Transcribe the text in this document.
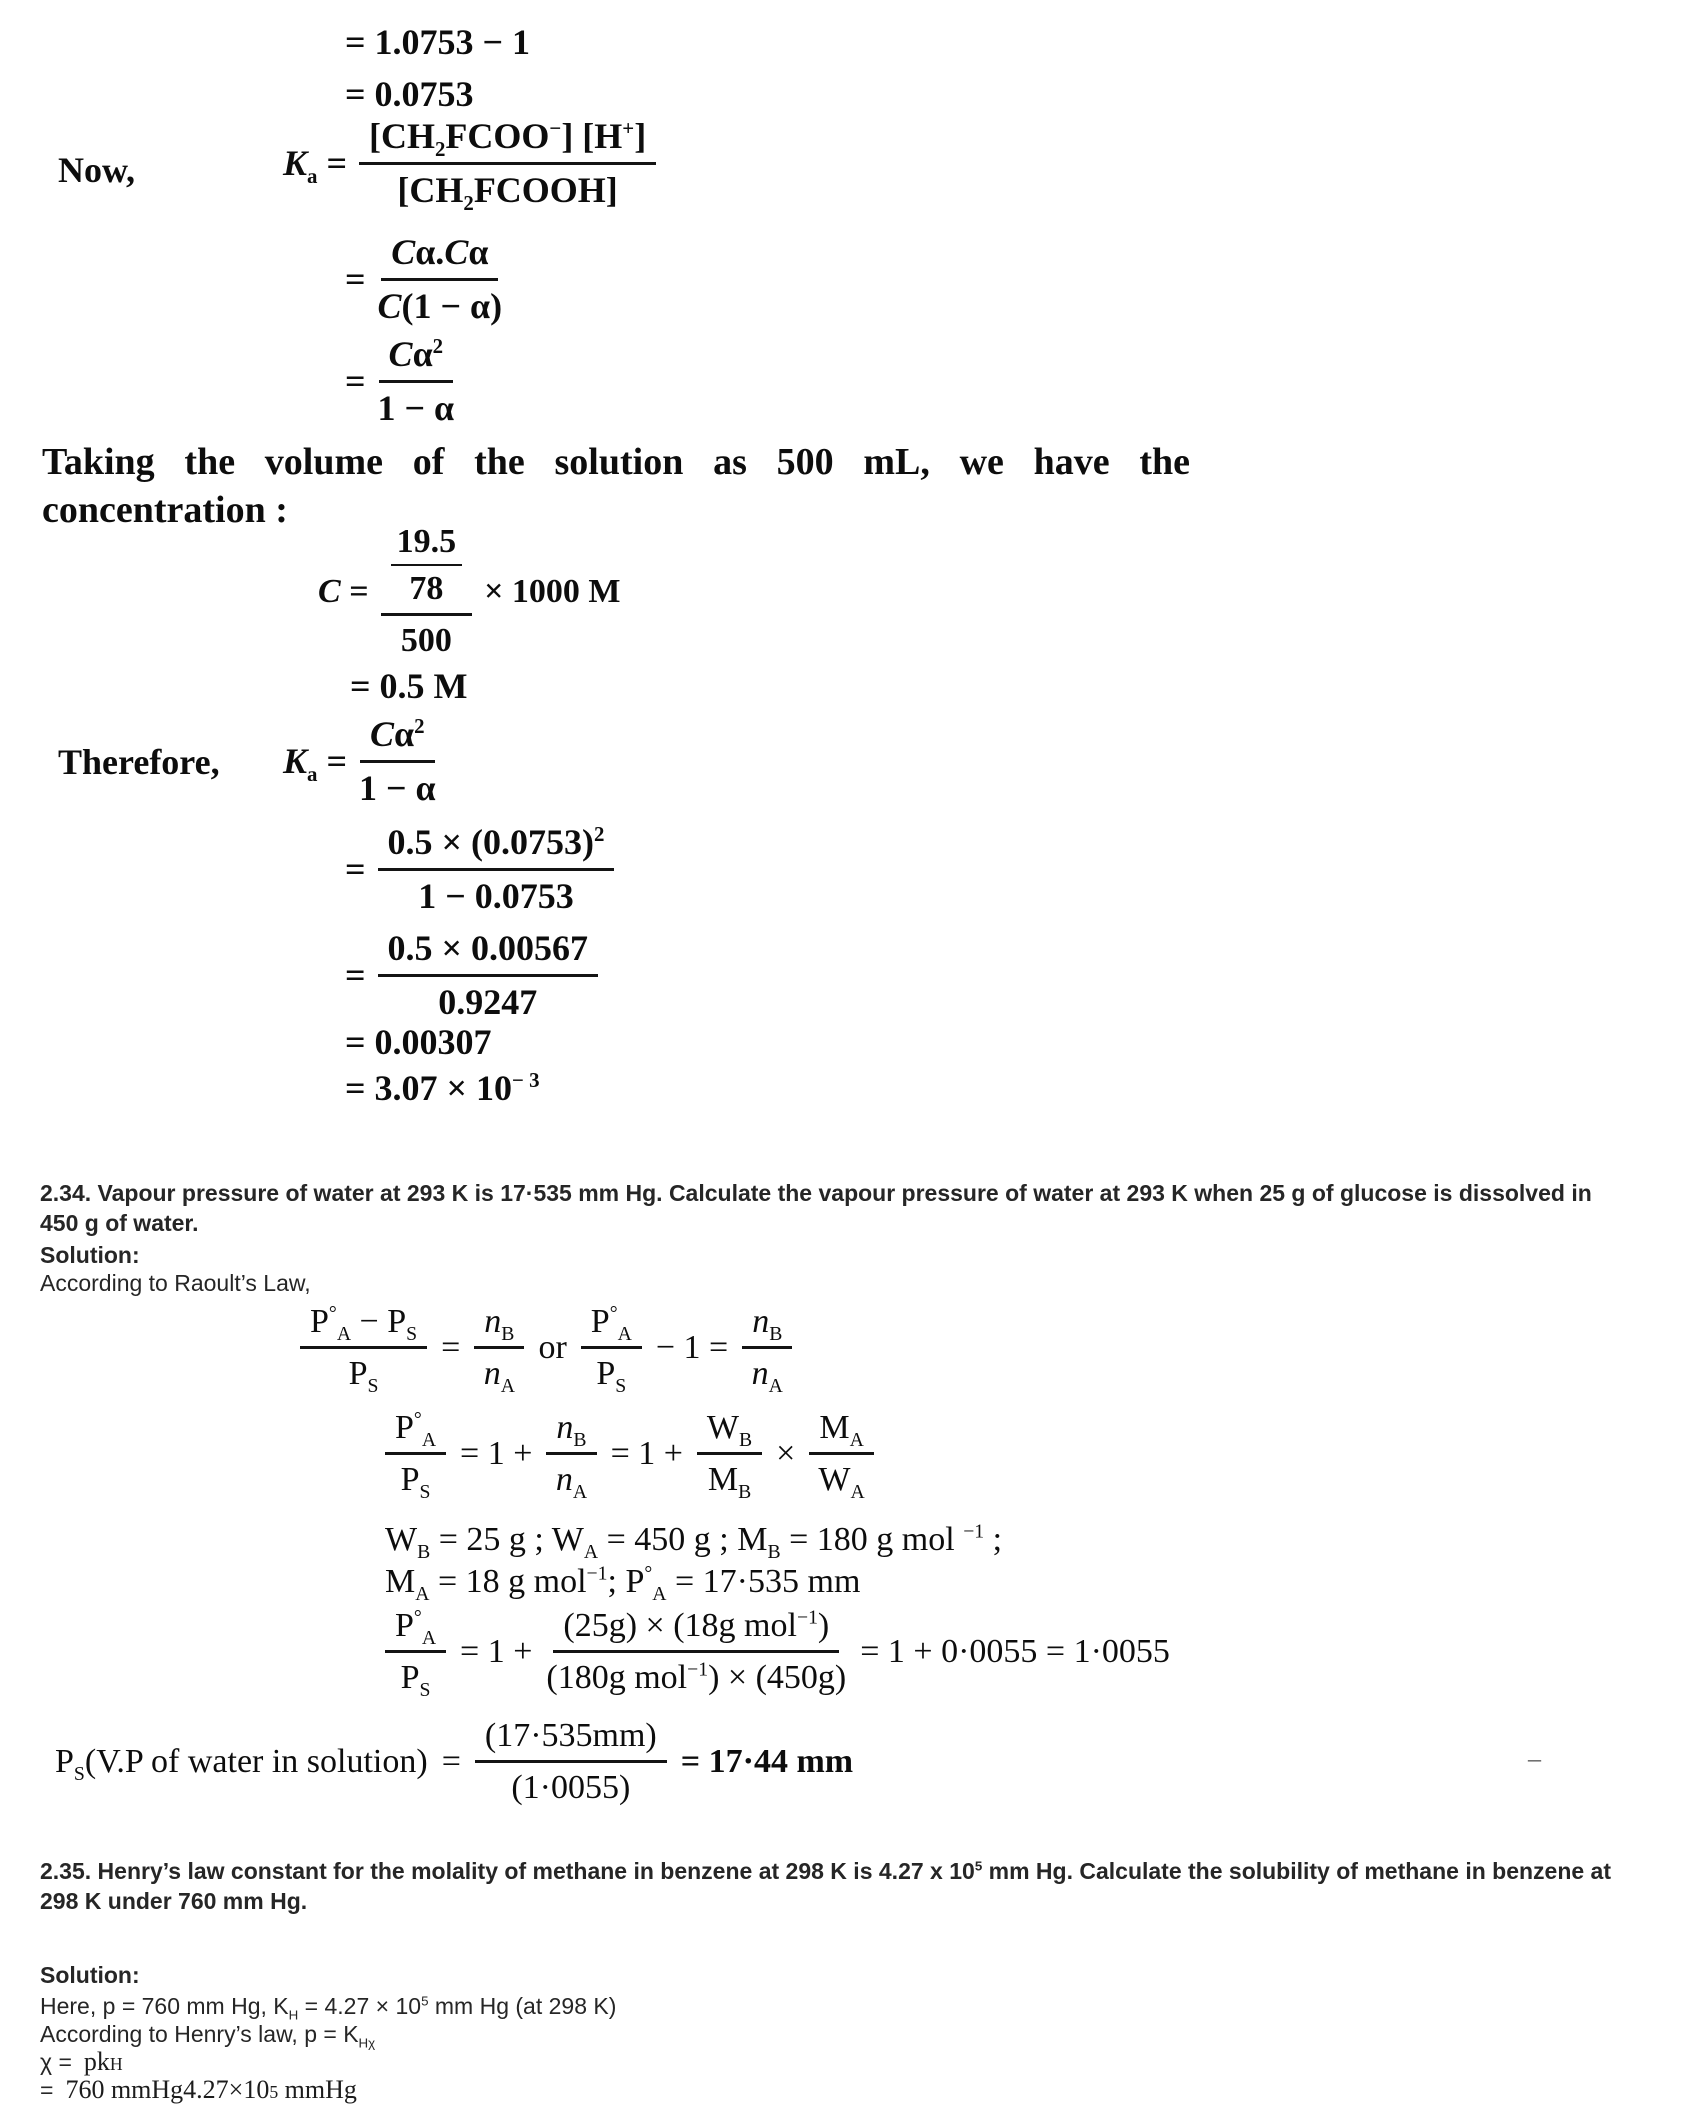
= 1.0753 − 1
= 0.0753
Now,	$K_a = \frac{[CH_2FCOO^-] [H^+]}{[CH_2FCOOH]}$
= $\frac{C\alpha.C\alpha}{C(1 - \alpha)}$
= $\frac{C\alpha^2}{1 - \alpha}$
Taking the volume of the solution as 500 mL, we have the
concentration :
$C = \frac{\frac{19.5}{78}}{500} \times 1000$ M
= 0.5 M
Therefore, $K_a = \frac{C\alpha^2}{1 - \alpha}$
= $\frac{0.5 \times (0.0753)^2}{1 - 0.0753}$
= $\frac{0.5 \times 0.00567}{0.9247}$
= 0.00307
= $3.07 \times 10^{- 3}$
2.34. Vapour pressure of water at 293 K is 17·535 mm Hg. Calculate the vapour pressure of water at 293 K when 25 g of glucose is dissolved in 450 g of water.
Solution:
According to Raoult’s Law,
$\frac{P^\circ_A - P_S}{P_S} = \frac{n_B}{n_A}$ or $\frac{P^\circ_A}{P_S} - 1 = \frac{n_B}{n_A}$
$\frac{P^\circ_A}{P_S} = 1 + \frac{n_B}{n_A} = 1 + \frac{W_B}{M_B} \times \frac{M_A}{W_A}$
$W_B = 25$ g ; $W_A = 450$ g ; $M_B = 180$ g mol $^{-1}$ ;
$M_A = 18$ g mol$^{-1}$; $P^\circ_A = 17\cdot 535$ mm
$\frac{P^\circ_A}{P_S} = 1 + \frac{(25g) \times (18g mol^{-1})}{(180g mol^{-1}) \times (450g)} = 1 + 0\cdot 0055 = 1\cdot 0055$
$P_S(V.P$ of water in solution) = $\frac{(17\cdot 535mm)}{(1\cdot 0055)} = 17\cdot 44$ mm
2.35. Henry’s law constant for the molality of methane in benzene at 298 K is 4.27 x $10^5$ mm Hg. Calculate the solubility of methane in benzene at 298 K under 760 mm Hg.
Solution:
Here, p = 760 mm Hg, $K_H = 4.27 \times 10^5$ mm Hg (at 298 K)
According to Henry’s law, $p = K_{H\chi}$
χ = pkH
= 760 mmHg4.27×105 mmHg
–
